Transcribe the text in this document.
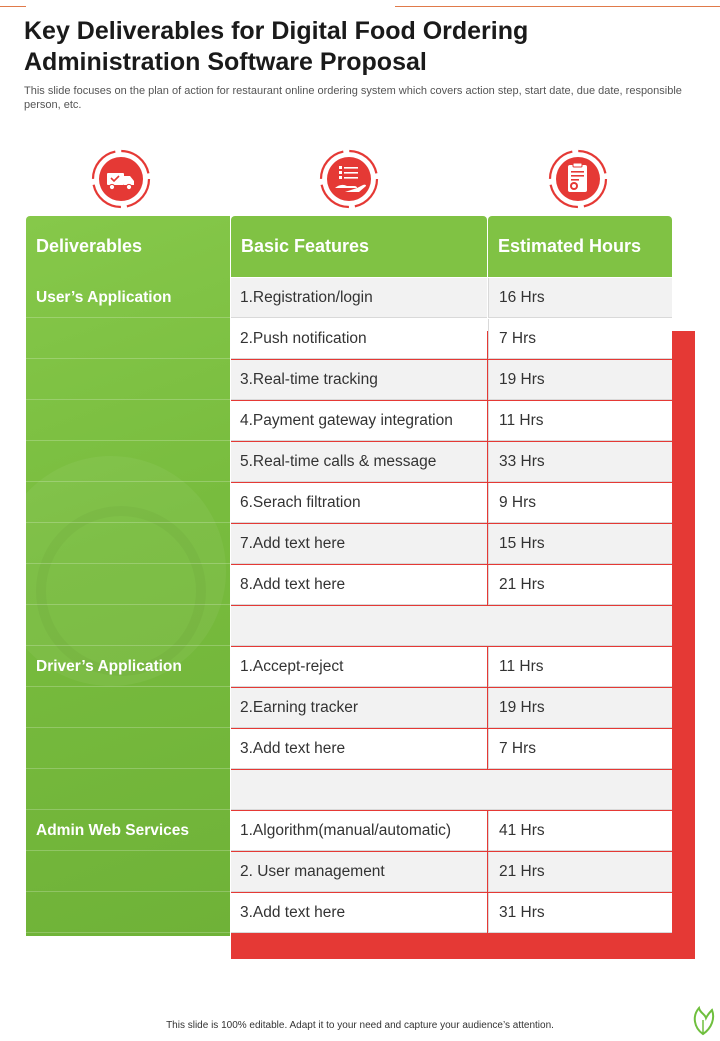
Key Deliverables for Digital Food Ordering Administration Software Proposal

This slide focuses on the plan of action for restaurant online ordering system which covers action step, start date, due date, responsible person, etc.

Deliverables	Basic Features	Estimated Hours
User’s Application	1.Registration/login	16 Hrs
2.Push notification	7 Hrs
3.Real-time tracking	19 Hrs
4.Payment gateway integration	11 Hrs
5.Real-time calls & message	33 Hrs
6.Serach filtration	9 Hrs
7.Add text here	15 Hrs
8.Add text here	21 Hrs
Driver’s Application	1.Accept-reject	11 Hrs
2.Earning tracker	19 Hrs
3.Add text here	7 Hrs
Admin Web Services	1.Algorithm(manual/automatic)	41 Hrs
2. User management	21 Hrs
3.Add text here	31 Hrs

This slide is 100% editable. Adapt it to your need and capture your audience’s attention.
